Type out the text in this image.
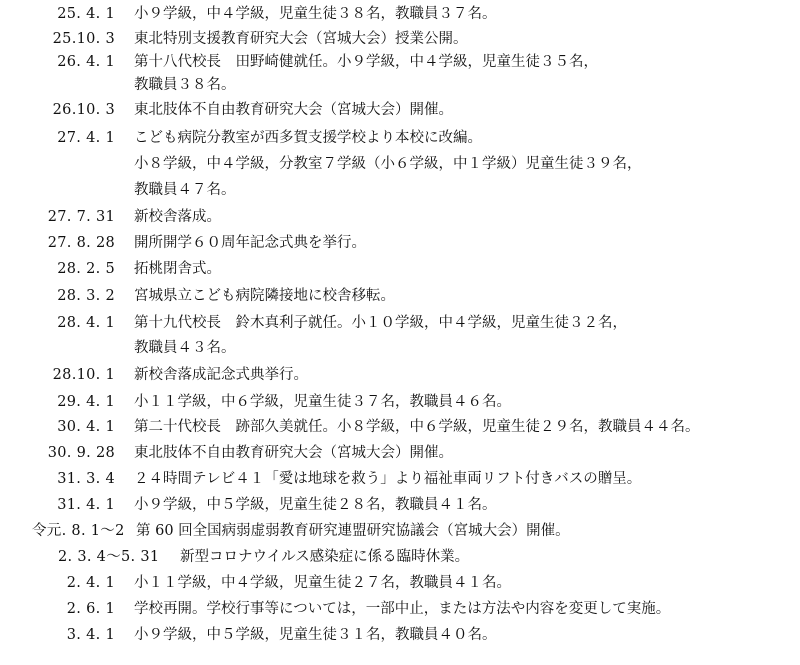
25. 4. 1 小９学級，中４学級，児童生徒３８名，教職員３７名。
25.10. 3 東北特別支援教育研究大会（宮城大会）授業公開。
26. 4. 1 第十八代校長　田野崎健就任。小９学級，中４学級，児童生徒３５名，
教職員３８名。
26.10. 3 東北肢体不自由教育研究大会（宮城大会）開催。
27. 4. 1 こども病院分教室が西多賀支援学校より本校に改編。
小８学級，中４学級，分教室７学級（小６学級，中１学級）児童生徒３９名，
教職員４７名。
27. 7. 31 新校舎落成。
27. 8. 28 開所開学６０周年記念式典を挙行。
28. 2. 5 拓桃閉舎式。
28. 3. 2 宮城県立こども病院隣接地に校舎移転。
28. 4. 1 第十九代校長　鈴木真利子就任。小１０学級，中４学級，児童生徒３２名，
教職員４３名。
28.10. 1 新校舎落成記念式典挙行。
29. 4. 1 小１１学級，中６学級，児童生徒３７名，教職員４６名。
30. 4. 1 第二十代校長　跡部久美就任。小８学級，中６学級，児童生徒２９名，教職員４４名。
30. 9. 28 東北肢体不自由教育研究大会（宮城大会）開催。
31. 3. 4 ２４時間テレビ４１「愛は地球を救う」より福祉車両リフト付きバスの贈呈。
31. 4. 1 小９学級，中５学級，児童生徒２８名，教職員４１名。
令元. 8. 1～2 第 60 回全国病弱虚弱教育研究連盟研究協議会（宮城大会）開催。
2. 3. 4～5. 31 新型コロナウイルス感染症に係る臨時休業。
2. 4. 1 小１１学級，中４学級，児童生徒２７名，教職員４１名。
2. 6. 1 学校再開。学校行事等については，一部中止，または方法や内容を変更して実施。
3. 4. 1 小９学級，中５学級，児童生徒３１名，教職員４０名。
